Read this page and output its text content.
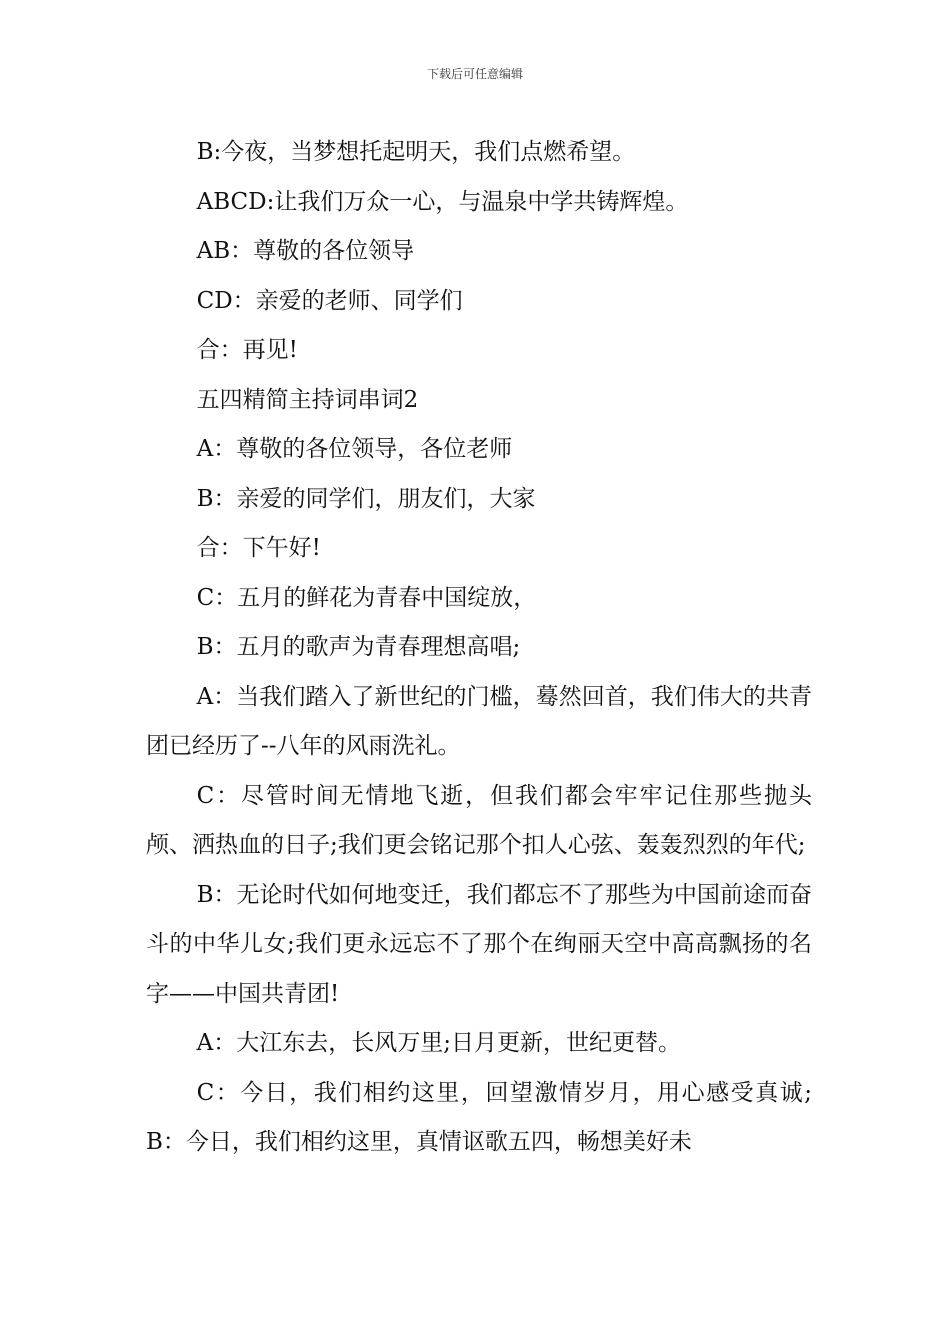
下载后可任意编辑

B:今夜，当梦想托起明天，我们点燃希望。

ABCD:让我们万众一心，与温泉中学共铸辉煌。

AB：尊敬的各位领导

CD：亲爱的老师、同学们

合：再见!

五四精简主持词串词2

A：尊敬的各位领导，各位老师

B：亲爱的同学们，朋友们，大家

合：下午好!

C：五月的鲜花为青春中国绽放，

B：五月的歌声为青春理想高唱;

A：当我们踏入了新世纪的门槛，蓦然回首，我们伟大的共青团已经历了--八年的风雨洗礼。

C：尽管时间无情地飞逝，但我们都会牢牢记住那些抛头颅、洒热血的日子;我们更会铭记那个扣人心弦、轰轰烈烈的年代;

B：无论时代如何地变迁，我们都忘不了那些为中国前途而奋斗的中华儿女;我们更永远忘不了那个在绚丽天空中高高飘扬的名字——中国共青团!

A：大江东去，长风万里;日月更新，世纪更替。

C：今日，我们相约这里，回望激情岁月，用心感受真诚;B：今日，我们相约这里，真情讴歌五四，畅想美好未
